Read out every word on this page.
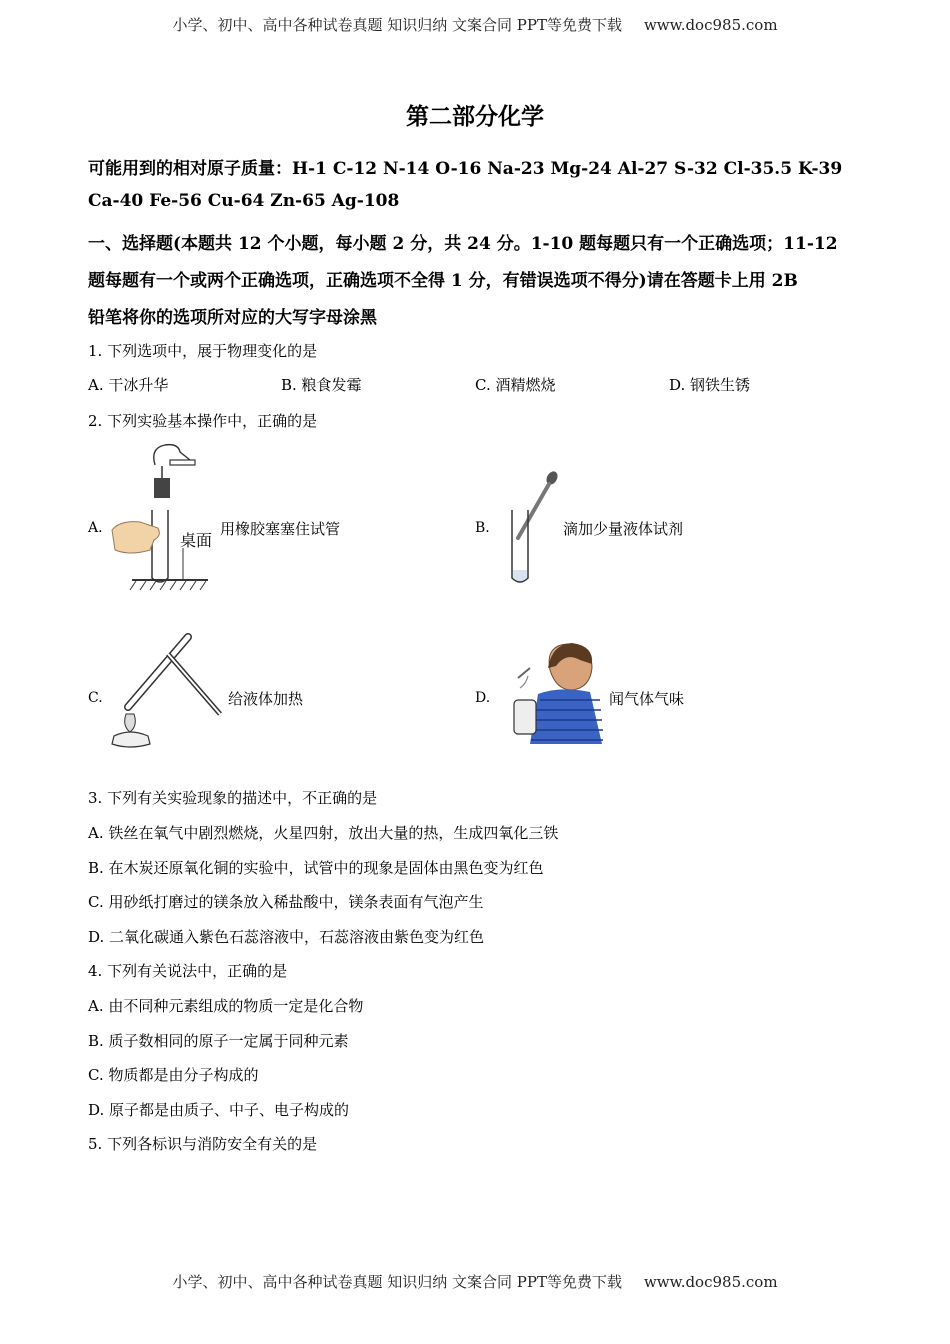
小学、初中、高中各种试卷真题 知识归纳 文案合同 PPT等免费下载 www.doc985.com
第二部分化学
可能用到的相对原子质量：H-1 C-12 N-14 O-16 Na-23 Mg-24 Al-27 S-32 Cl-35.5 K-39
Ca-40 Fe-56 Cu-64 Zn-65 Ag-108
一、选择题(本题共 12 个小题，每小题 2 分，共 24 分。1-10 题每题只有一个正确选项；11-12
题每题有一个或两个正确选项，正确选项不全得 1 分，有错误选项不得分)请在答题卡上用 2B
铅笔将你的选项所对应的大写字母涂黑
1. 下列选项中，展于物理变化的是
A. 干冰升华	B. 粮食发霉	C. 酒精燃烧	D. 钢铁生锈
2. 下列实验基本操作中，正确的是
A.
桌面
用橡胶塞塞住试管	B.	滴加少量液体试剂
C.	给液体加热	D.	闻气体气味
3. 下列有关实验现象的描述中，不正确的是
A. 铁丝在氧气中剧烈燃烧，火星四射，放出大量的热，生成四氧化三铁
B. 在木炭还原氧化铜的实验中，试管中的现象是固体由黑色变为红色
C. 用砂纸打磨过的镁条放入稀盐酸中，镁条表面有气泡产生
D. 二氧化碳通入紫色石蕊溶液中，石蕊溶液由紫色变为红色
4. 下列有关说法中，正确的是
A. 由不同种元素组成的物质一定是化合物
B. 质子数相同的原子一定属于同种元素
C. 物质都是由分子构成的
D. 原子都是由质子、中子、电子构成的
5. 下列各标识与消防安全有关的是
小学、初中、高中各种试卷真题 知识归纳 文案合同 PPT等免费下载 www.doc985.com
